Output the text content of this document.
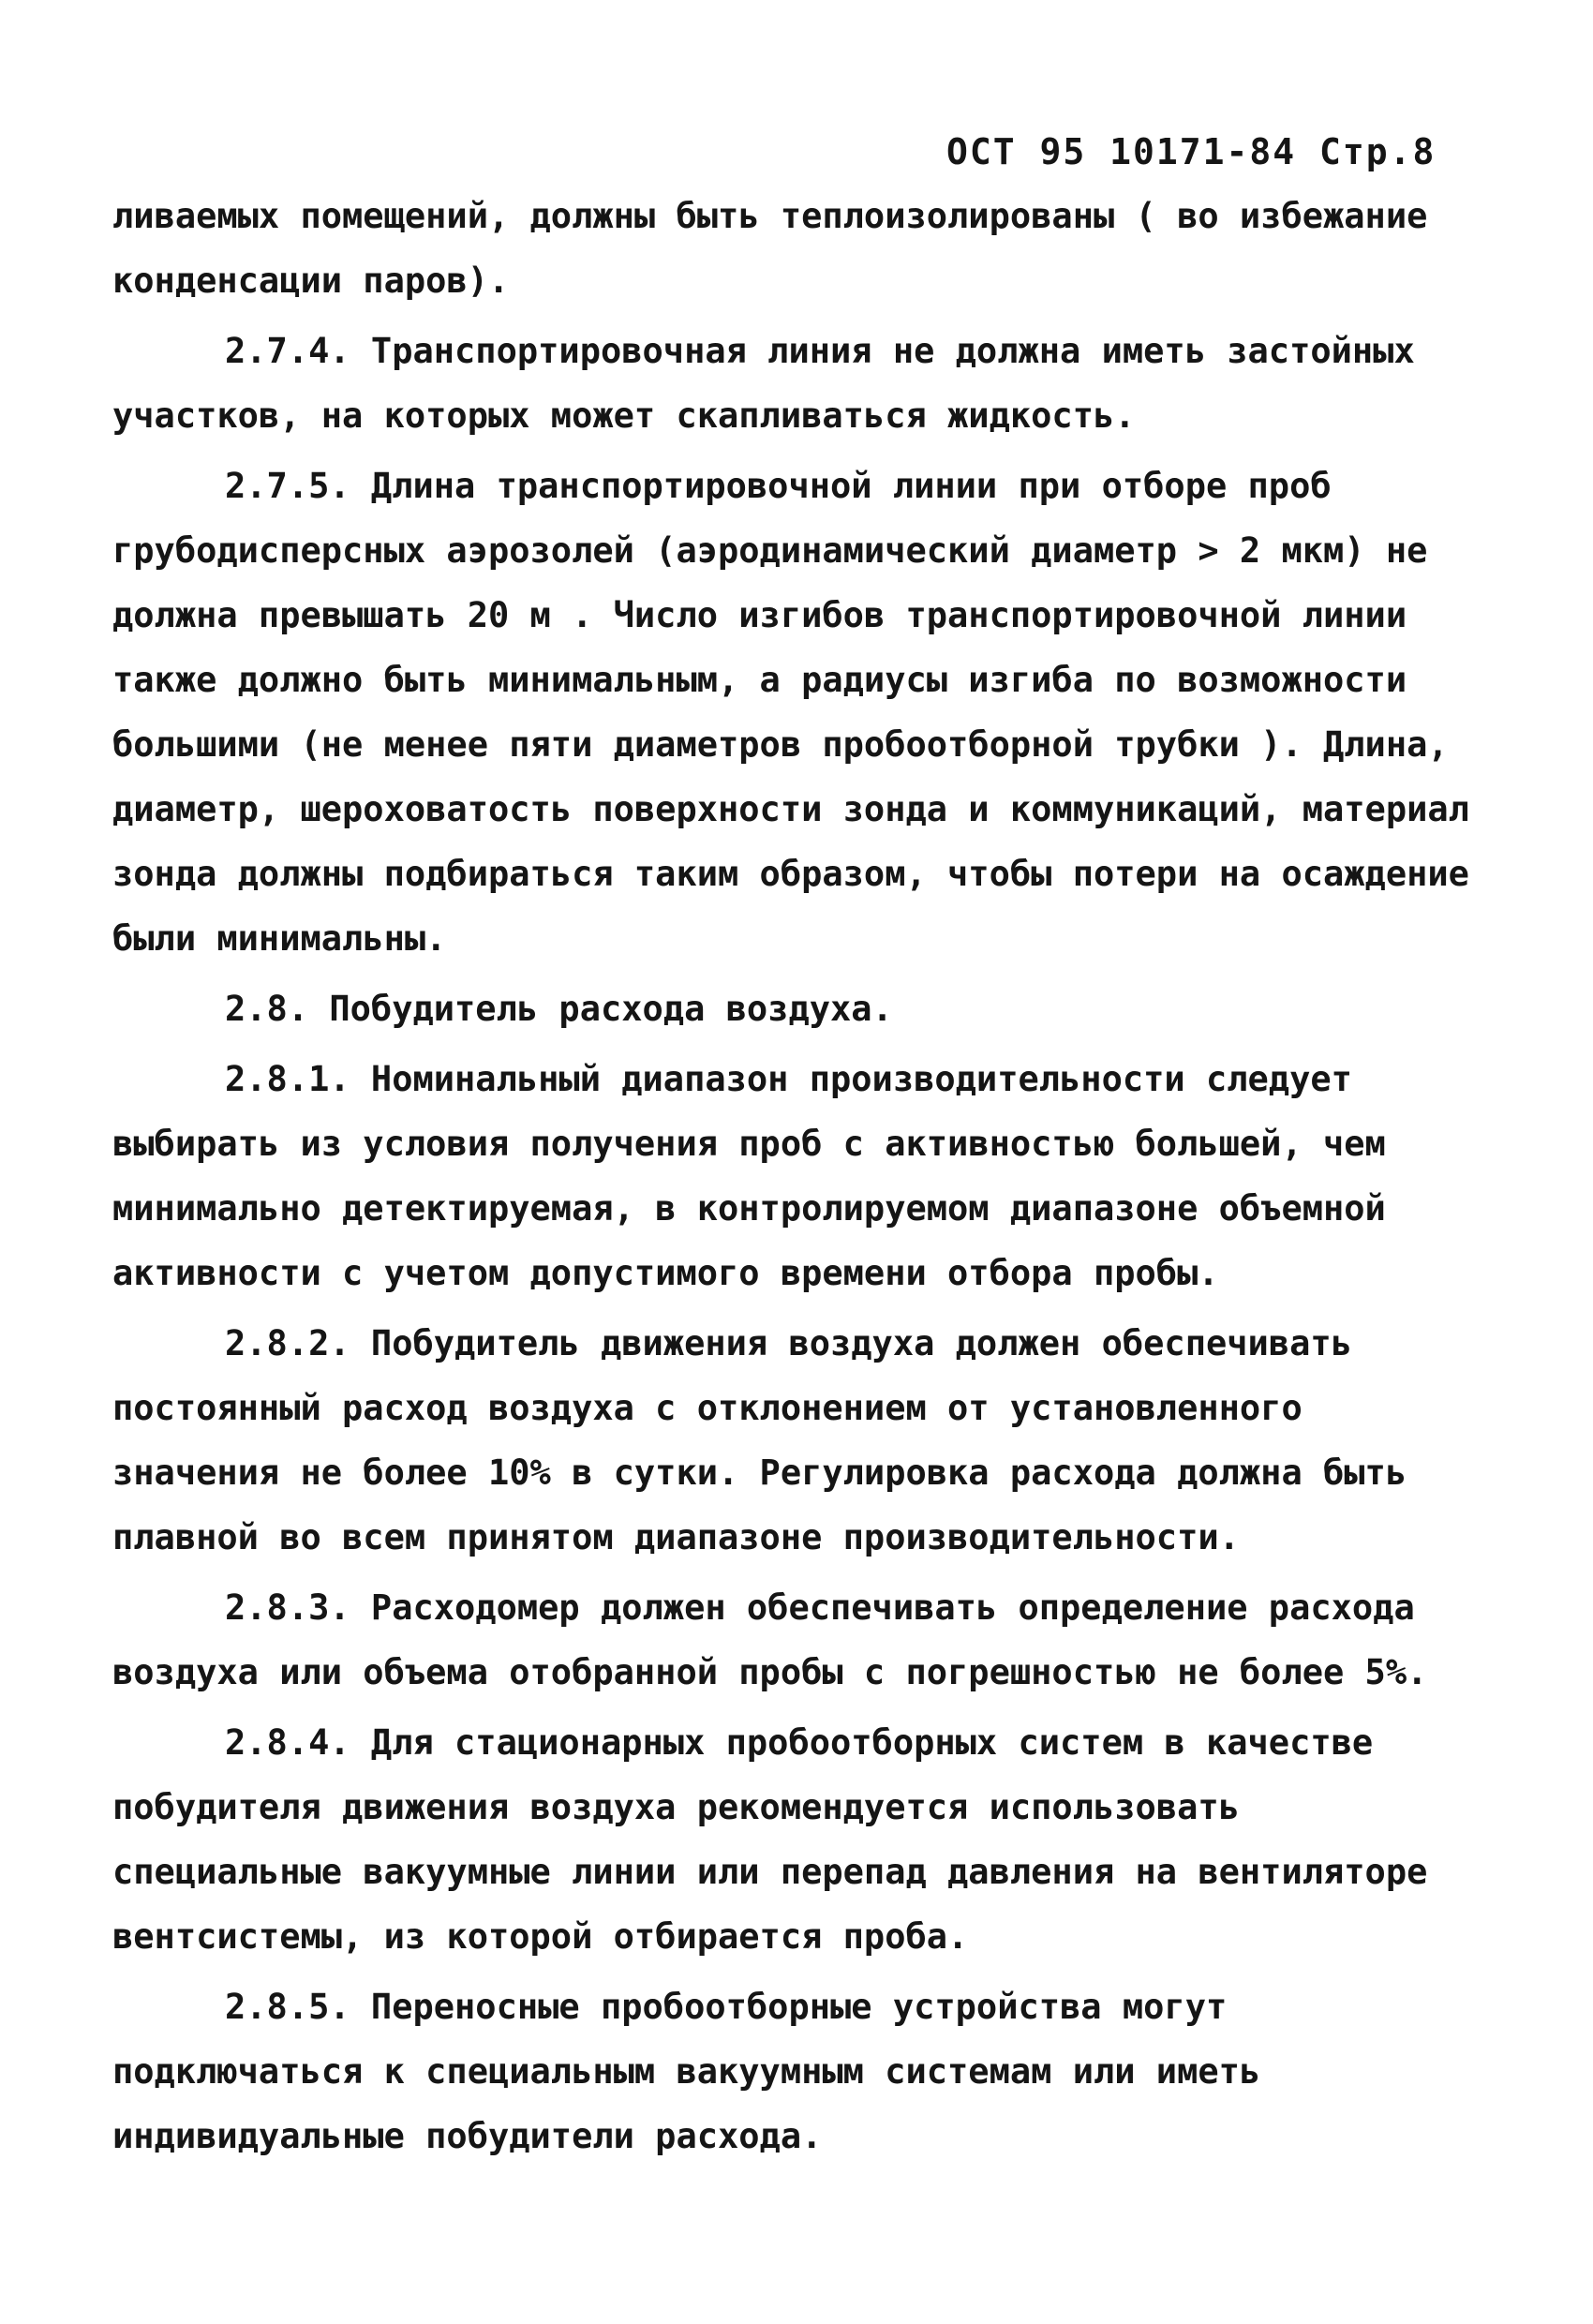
ОСТ 95 10171-84 Стр.8

ливаемых помещений, должны быть теплоизолированы ( во избежание конденсации паров).

2.7.4. Транспортировочная линия не должна иметь застойных участков, на которых может скапливаться жидкость.

2.7.5. Длина транспортировочной линии при отборе проб грубодисперсных аэрозолей (аэродинамический диаметр > 2 мкм) не должна превышать 20 м . Число изгибов транспортировочной линии также должно быть минимальным, а радиусы изгиба по возможности большими (не менее пяти диаметров пробоотборной трубки ). Длина, диаметр, шероховатость поверхности зонда и коммуникаций, материал зонда должны подбираться таким образом, чтобы потери на осаждение были минимальны.

2.8. Побудитель расхода воздуха.

2.8.1. Номинальный диапазон производительности следует выбирать из условия получения проб с активностью большей, чем минимально детектируемая, в контролируемом диапазоне объемной активности с учетом допустимого времени отбора пробы.

2.8.2. Побудитель движения воздуха должен обеспечивать постоянный расход воздуха с отклонением от установленного значения не более 10% в сутки. Регулировка расхода должна быть плавной во всем принятом диапазоне производительности.

2.8.3. Расходомер должен обеспечивать определение расхода воздуха или объема отобранной пробы с погрешностью не более 5%.

2.8.4. Для стационарных пробоотборных систем в качестве побудителя движения воздуха рекомендуется использовать специальные вакуумные линии или перепад давления на вентиляторе вентсистемы, из которой отбирается проба.

2.8.5. Переносные пробоотборные устройства могут подключаться к специальным вакуумным системам или иметь индивидуальные побудители расхода.
